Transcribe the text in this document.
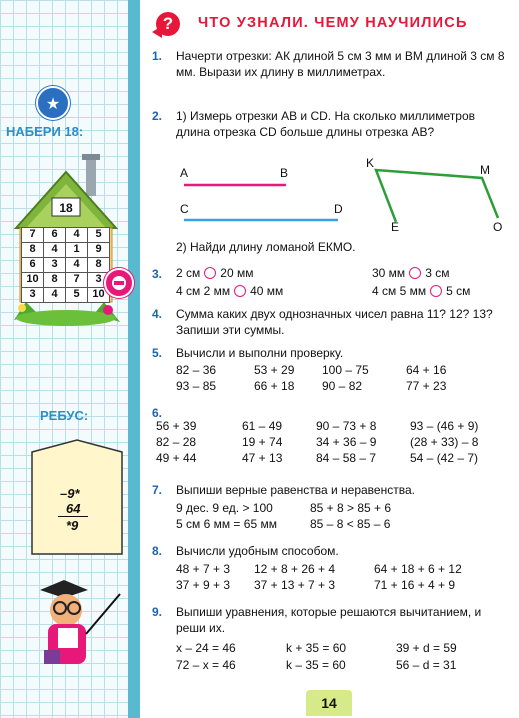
★
НАБЕРИ 18:
18
7	6	4	5
8	4	1	9
6	3	4	8
10	8	7	3
3	4	5	10
РЕБУС:
–9*
64
*9
?	ЧТО УЗНАЛИ. ЧЕМУ НАУЧИЛИСЬ
1.	Начерти отрезки: АК длиной 5 см 3 мм и ВМ длиной 3 см 8 мм. Вырази их длину в миллиметрах.
2.	1) Измерь отрезки АВ и CD. На сколько миллиметров длина отрезка CD больше длины отрезка АВ?
A	B
C	D
K	M
E	O
2) Найди длину ломаной ЕКМО.
3.	2 см 20 мм	30 мм 3 см
4 см 2 мм 40 мм	4 см 5 мм 5 см
4.	Сумма каких двух однозначных чисел равна 11? 12? 13? Запиши эти суммы.
5.	Вычисли и выполни проверку.
82 – 36	53 + 29	100 – 75	64 + 16
93 – 85	66 + 18	90 – 82	77 + 23
6.
56 + 39	61 – 49	90 – 73 + 8	93 – (46 + 9)
82 – 28	19 + 74	34 + 36 – 9	(28 + 33) – 8
49 + 44	47 + 13	84 – 58 – 7	54 – (42 – 7)
7.	Выпиши верные равенства и неравенства.
9 дес. 9 ед. > 100	85 + 8 > 85 + 6
5 см 6 мм = 65 мм	85 – 8 < 85 – 6
8.	Вычисли удобным способом.
48 + 7 + 3	12 + 8 + 26 + 4	64 + 18 + 6 + 12
37 + 9 + 3	37 + 13 + 7 + 3	71 + 16 + 4 + 9
9.	Выпиши уравнения, которые решаются вычитанием, и реши их.
x – 24 = 46	k + 35 = 60	39 + d = 59
72 – x = 46	k – 35 = 60	56 – d = 31
14
